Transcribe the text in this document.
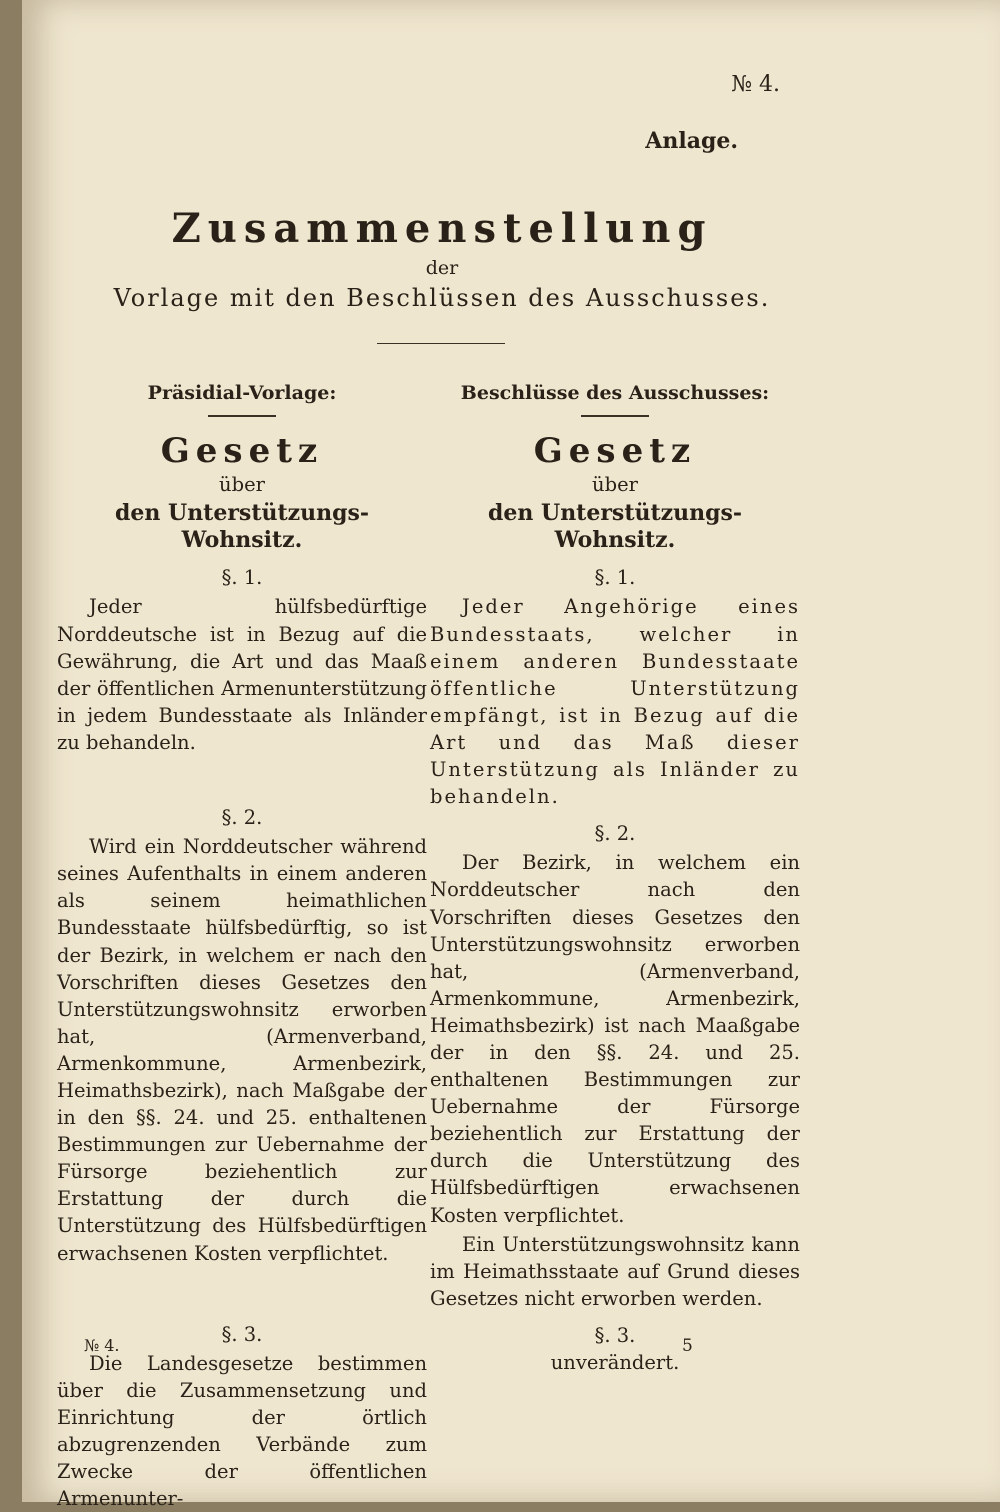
№ 4.
Anlage.
Zusammenstellung
der
Vorlage mit den Beschlüssen des Ausschusses.
Präsidial-Vorlage:
Gesetz
über
den Unterstützungs-Wohnsitz.
§. 1.

Jeder hülfsbedürftige Norddeutsche ist in Bezug auf die Gewährung, die Art und das Maaß der öffentlichen Armenunterstützung in jedem Bundesstaate als Inländer zu behandeln.

§. 2.

Wird ein Norddeutscher während seines Aufenthalts in einem anderen als seinem heimathlichen Bundesstaate hülfsbedürftig, so ist der Bezirk, in welchem er nach den Vorschriften dieses Gesetzes den Unterstützungswohnsitz erworben hat, (Armenverband, Armenkommune, Armenbezirk, Heimathsbezirk), nach Maßgabe der in den §§. 24. und 25. enthaltenen Bestimmungen zur Uebernahme der Fürsorge beziehentlich zur Erstattung der durch die Unterstützung des Hülfsbedürftigen erwachsenen Kosten verpflichtet.

§. 3.

Die Landesgesetze bestimmen über die Zusammensetzung und Einrichtung der örtlich abzugrenzenden Verbände zum Zwecke der öffentlichen Armenunter-

Beschlüsse des Ausschusses:
Gesetz
über
den Unterstützungs-Wohnsitz.
§. 1.

Jeder Angehörige eines Bundesstaats, welcher in einem anderen Bundesstaate öffentliche Unterstützung empfängt, ist in Bezug auf die Art und das Maß dieser Unterstützung als Inländer zu behandeln.

§. 2.

Der Bezirk, in welchem ein Norddeutscher nach den Vorschriften dieses Gesetzes den Unterstützungswohnsitz erworben hat, (Armenverband, Armenkommune, Armenbezirk, Heimathsbezirk) ist nach Maaßgabe der in den §§. 24. und 25. enthaltenen Bestimmungen zur Uebernahme der Fürsorge beziehentlich zur Erstattung der durch die Unterstützung des Hülfsbedürftigen erwachsenen Kosten verpflichtet.

Ein Unterstützungswohnsitz kann im Heimathsstaate auf Grund dieses Gesetzes nicht erworben werden.

§. 3.
unverändert.
№ 4.	5
